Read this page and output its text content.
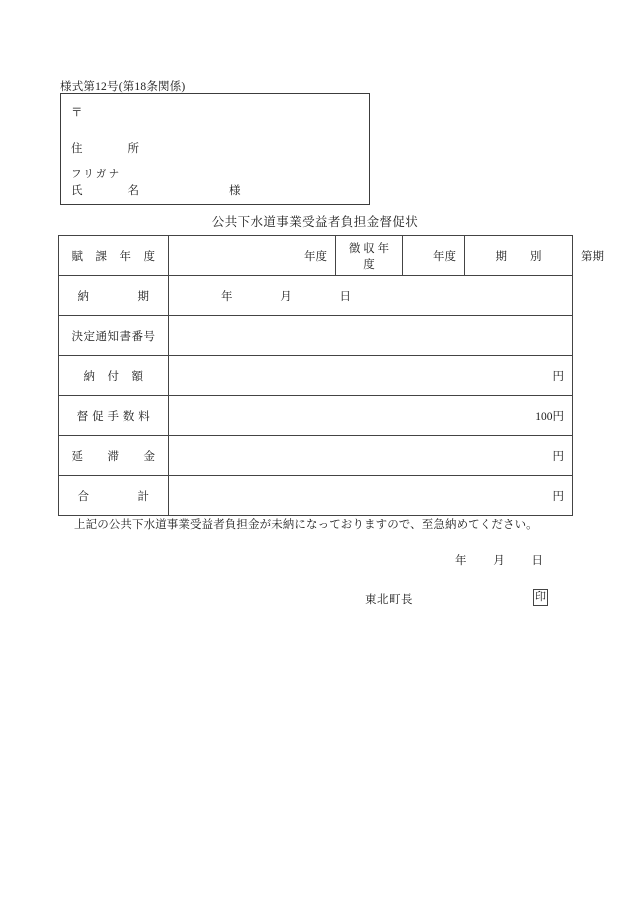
様式第12号(第18条関係)
〒
住	所
フリガナ
氏	名	様
公共下水道事業受益者負担金督促状
賦　課　年　度	年度	徴 収 年 度	年度	期　　別	第 期

納　　　　期	年 月 日				

決定通知書番号					
納　付　額	円				
督 促 手 数 料	100円				
延　　滞　　金	円				
合　　　　計	円				
上記の公共下水道事業受益者負担金が未納になっておりますので、至急納めてください。
年 月 日
東北町長	印
